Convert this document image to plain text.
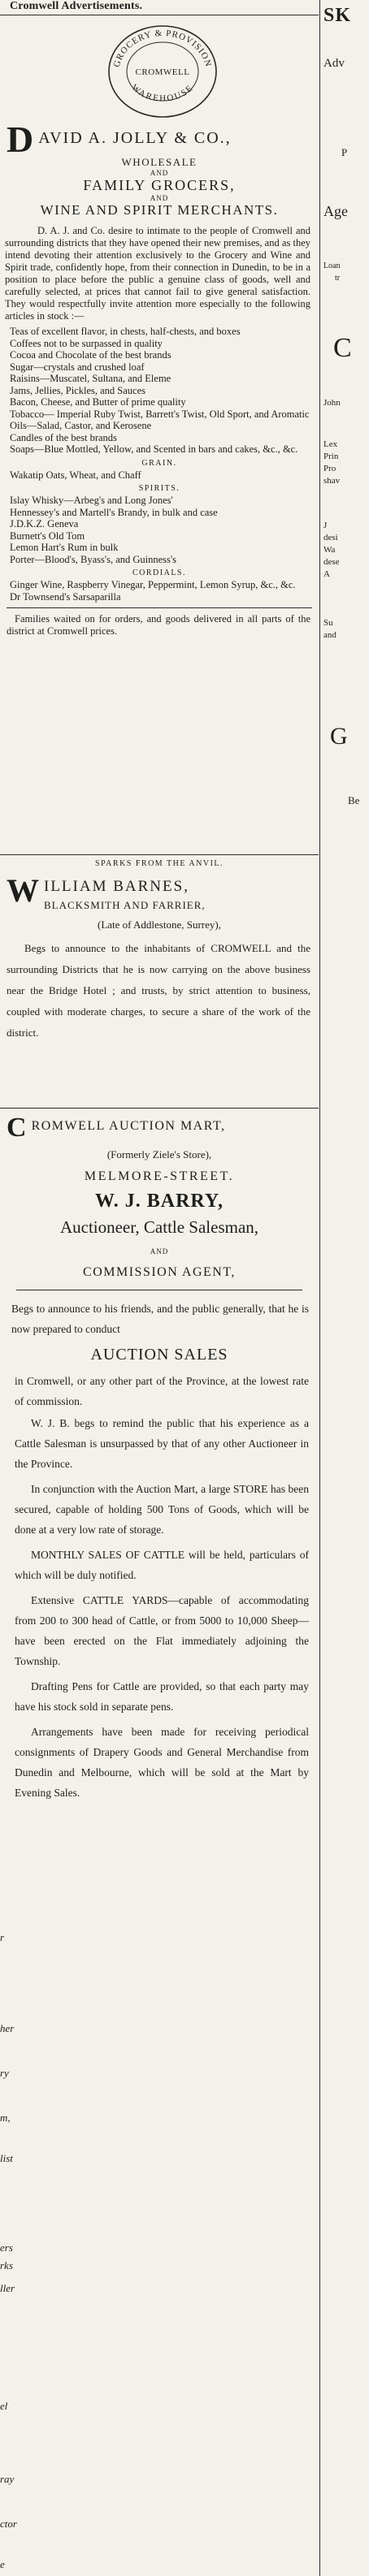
Cromwell Advertisements.
GROCERY & PROVISION
WAREHOUSE
CROMWELL
D AVID A. JOLLY & CO.,
WHOLESALE
AND
FAMILY GROCERS,
AND
WINE AND SPIRIT MERCHANTS.

D. A. J. and Co. desire to intimate to the people of Cromwell and surrounding districts that they have opened their new premises, and as they intend devoting their attention exclusively to the Grocery and Wine and Spirit trade, confidently hope, from their connection in Dunedin, to be in a position to place before the public a genuine class of goods, well and carefully selected, at prices that cannot fail to give general satisfaction. They would respectfully invite attention more especially to the following articles in stock :—

Teas of excellent flavor, in chests, half-chests, and boxes
Coffees not to be surpassed in quality
Cocoa and Chocolate of the best brands
Sugar—crystals and crushed loaf
Raisins—Muscatel, Sultana, and Eleme
Jams, Jellies, Pickles, and Sauces
Bacon, Cheese, and Butter of prime quality
Tobacco— Imperial Ruby Twist, Barrett's Twist, Old Sport, and Aromatic
Oils—Salad, Castor, and Kerosene
Candles of the best brands
Soaps—Blue Mottled, Yellow, and Scented in bars and cakes, &c., &c.
GRAIN.
Wakatip Oats, Wheat, and Chaff
SPIRITS.
Islay Whisky—Arbeg's and Long Jones'
Hennessey's and Martell's Brandy, in bulk and case
J.D.K.Z. Geneva
Burnett's Old Tom
Lemon Hart's Rum in bulk
Porter—Blood's, Byass's, and Guinness's
CORDIALS.
Ginger Wine, Raspberry Vinegar, Peppermint, Lemon Syrup, &c., &c.
Dr Townsend's Sarsaparilla

Families waited on for orders, and goods delivered in all parts of the district at Cromwell prices.

SPARKS FROM THE ANVIL.
W ILLIAM BARNES,
BLACKSMITH AND FARRIER,
(Late of Addlestone, Surrey),

Begs to announce to the inhabitants of CROMWELL and the surrounding Districts that he is now carrying on the above business near the Bridge Hotel ; and trusts, by strict attention to business, coupled with moderate charges, to secure a share of the work of the district.

C ROMWELL AUCTION MART,
(Formerly Ziele's Store),
MELMORE-STREET.
W. J. BARRY,
Auctioneer, Cattle Salesman,
AND
COMMISSION AGENT,

Begs to announce to his friends, and the public generally, that he is now prepared to conduct

AUCTION SALES

in Cromwell, or any other part of the Province, at the lowest rate of commission.

W. J. B. begs to remind the public that his experience as a Cattle Salesman is unsurpassed by that of any other Auctioneer in the Province.

In conjunction with the Auction Mart, a large STORE has been secured, capable of holding 500 Tons of Goods, which will be done at a very low rate of storage.

MONTHLY SALES OF CATTLE will be held, particulars of which will be duly notified.

Extensive CATTLE YARDS—capable of accommodating from 200 to 300 head of Cattle, or from 5000 to 10,000 Sheep—have been erected on the Flat immediately adjoining the Township.

Drafting Pens for Cattle are provided, so that each party may have his stock sold in separate pens.

Arrangements have been made for receiving periodical consignments of Drapery Goods and General Merchandise from Dunedin and Melbourne, which will be sold at the Mart by Evening Sales.

r
her
ry
m,
list
ers
rks
ller
el
ray
ctor
e
SK
Adv
P
Age
Loan
tr
C
John
Lex
Prin
Pro
shav
J
desi
Wa
dese
A
Su
and
G
Be
